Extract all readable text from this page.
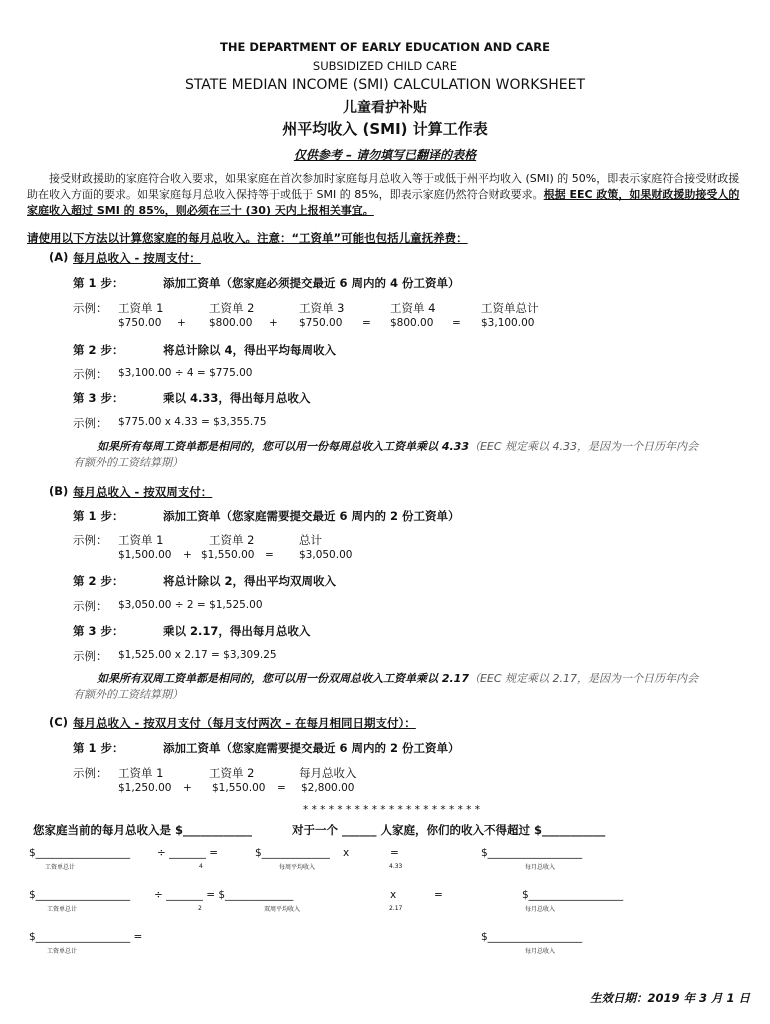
THE DEPARTMENT OF EARLY EDUCATION AND CARE
SUBSIDIZED CHILD CARE
STATE MEDIAN INCOME (SMI) CALCULATION WORKSHEET
儿童看护补贴
州平均收入 (SMI) 计算工作表
仅供参考 – 请勿填写已翻译的表格
接受财政援助的家庭符合收入要求，如果家庭在首次参加时家庭每月总收入等于或低于州平均收入 (SMI) 的 50%，即表示家庭符合接受财政援助在收入方面的要求。如果家庭每月总收入保持等于或低于 SMI 的 85%，即表示家庭仍然符合财政要求。根据 EEC 政策，如果财政援助接受人的家庭收入超过 SMI 的 85%，则必须在三十 (30) 天内上报相关事宜。
请使用以下方法以计算您家庭的每月总收入。注意：“工资单”可能也包括儿童抚养费：
(A) 每月总收入 - 按周支付：
第 1 步：	添加工资单（您家庭必须提交最近 6 周内的 4 份工资单）
示例： 工资单 1	工资单 2	工资单 3	工资单 4	工资单总计
$750.00 + $800.00 + $750.00 = $800.00 = $3,100.00
第 2 步：	将总计除以 4，得出平均每周收入
示例： $3,100.00 ÷ 4 = $775.00
第 3 步：	乘以 4.33，得出每月总收入
示例： $775.00 x 4.33 = $3,355.75
如果所有每周工资单都是相同的，您可以用一份每周总收入工资单乘以 4.33（EEC 规定乘以 4.33，是因为一个日历年内会有额外的工资结算期）
(B) 每月总收入 - 按双周支付：
第 1 步：	添加工资单（您家庭需要提交最近 6 周内的 2 份工资单）
示例： 工资单 1	工资单 2	总计
$1,500.00 + $1,550.00 = $3,050.00
第 2 步：	将总计除以 2，得出平均双周收入
示例： $3,050.00 ÷ 2 = $1,525.00
第 3 步：	乘以 2.17，得出每月总收入
示例： $1,525.00 x 2.17 = $3,309.25
如果所有双周工资单都是相同的，您可以用一份双周总收入工资单乘以 2.17（EEC 规定乘以 2.17，是因为一个日历年内会有额外的工资结算期）
(C) 每月总收入 - 按双月支付（每月支付两次 – 在每月相同日期支付）：
第 1 步：	添加工资单（您家庭需要提交最近 6 周内的 2 份工资单）
示例： 工资单 1	工资单 2	每月总收入
$1,250.00 + $1,550.00 = $2,800.00
* * * * * * * * * * * * * * * * * * * * *
您家庭当前的每月总收入是 $____________	对于一个 ______ 人家庭，你们的收入不得超过 $___________
$__________________	÷ _______ =	$_____________ x	=	$__________________
工资单总计	4	每周平均收入	4.33	每月总收入
$__________________ ÷ _______ = $_____________	x	=	$__________________
工资单总计	2	双周平均收入	2.17	每月总收入
$__________________ =	$__________________
工资单总计	每月总收入
生效日期：2019 年 3 月 1 日
